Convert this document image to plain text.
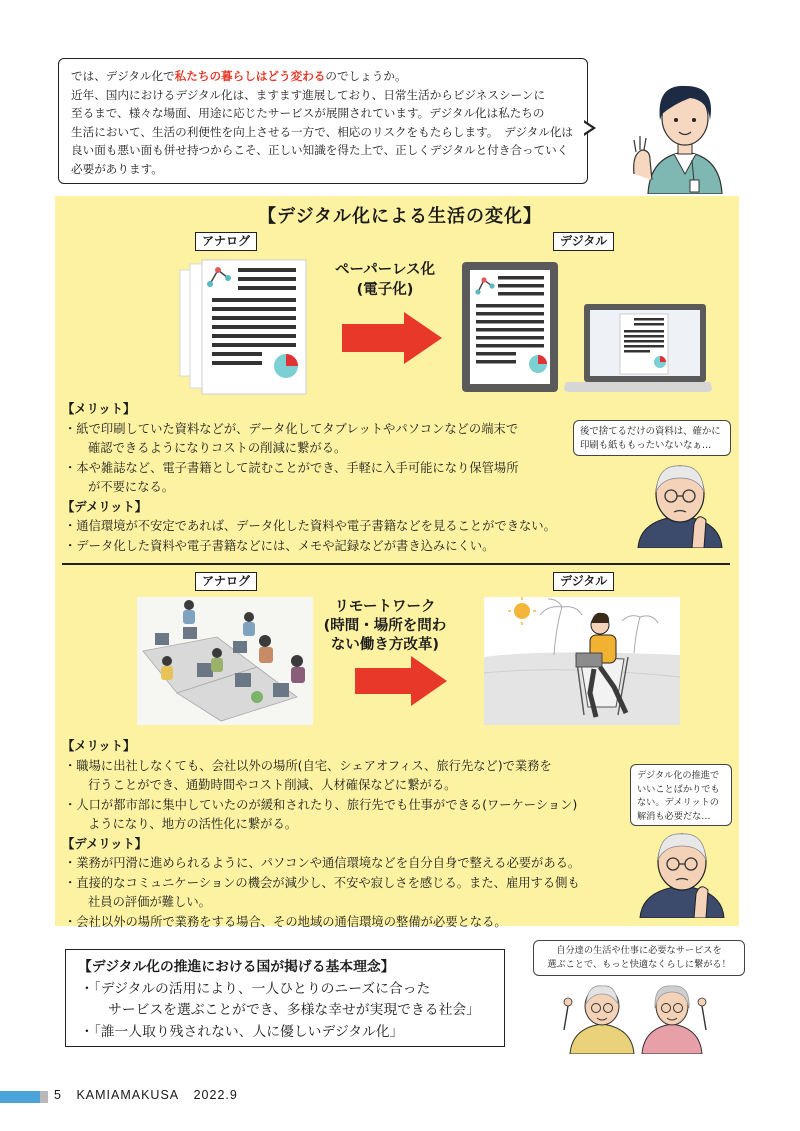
では、デジタル化で私たちの暮らしはどう変わるのでしょうか。
近年、国内におけるデジタル化は、ますます進展しており、日常生活からビジネスシーンに
至るまで、様々な場面、用途に応じたサービスが展開されています。デジタル化は私たちの
生活において、生活の利便性を向上させる一方で、相応のリスクをもたらします。　デジタル化は
良い面も悪い面も併せ持つからこそ、正しい知識を得た上で、正しくデジタルと付き合っていく
必要があります。
【デジタル化による生活の変化】
アナログ	デジタル
ペーパーレス化
(電子化)
【メリット】
・紙で印刷していた資料などが、データ化してタブレットやパソコンなどの端末で
確認できるようになりコストの削減に繋がる。
・本や雑誌など、電子書籍として読むことができ、手軽に入手可能になり保管場所
が不要になる。
【デメリット】
・通信環境が不安定であれば、データ化した資料や電子書籍などを見ることができない。
・データ化した資料や電子書籍などには、メモや記録などが書き込みにくい。
後で捨てるだけの資料は、確かに
印刷も紙ももったいないなぁ…
アナログ	デジタル
リモートワーク
(時間・場所を問わ
ない働き方改革)
【メリット】
・職場に出社しなくても、会社以外の場所(自宅、シェアオフィス、旅行先など)で業務を
行うことができ、通勤時間やコスト削減、人材確保などに繋がる。
・人口が都市部に集中していたのが緩和されたり、旅行先でも仕事ができる(ワーケーション)
ようになり、地方の活性化に繋がる。
【デメリット】
・業務が円滑に進められるように、パソコンや通信環境などを自分自身で整える必要がある。
・直接的なコミュニケーションの機会が減少し、不安や寂しさを感じる。また、雇用する側も
社員の評価が難しい。
・会社以外の場所で業務をする場合、その地域の通信環境の整備が必要となる。
デジタル化の推進で
いいことばかりでも
ない。デメリットの
解消も必要だな…
【デジタル化の推進における国が掲げる基本理念】
・「デジタルの活用により、一人ひとりのニーズに合った
サービスを選ぶことができ、多様な幸せが実現できる社会」
・「誰一人取り残されない、人に優しいデジタル化」
自分達の生活や仕事に必要なサービスを
選ぶことで、もっと快適なくらしに繋がる！
5 KAMIAMAKUSA 2022.9
